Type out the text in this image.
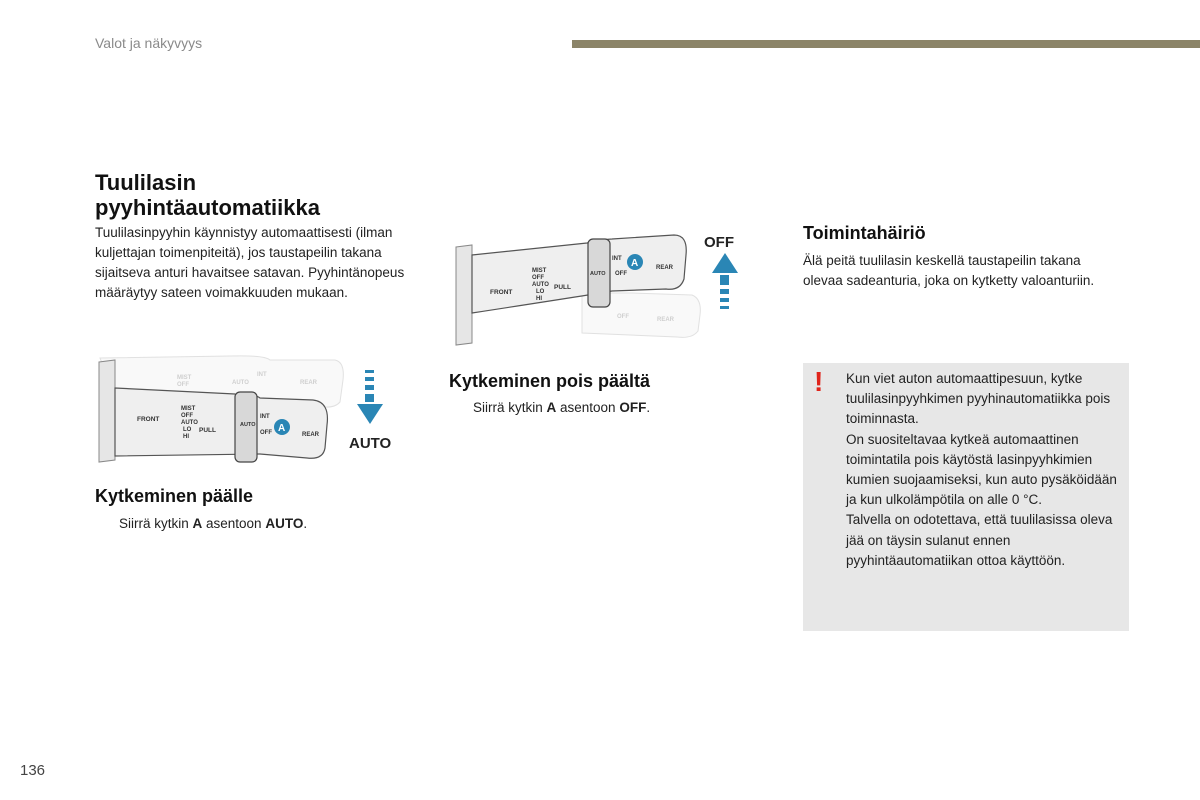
Valot ja näkyvyys
Tuulilasin pyyhintäautomatiikka
Tuulilasinpyyhin käynnistyy automaattisesti (ilman kuljettajan toimenpiteitä), jos taustapeilin takana sijaitseva anturi havaitsee satavan. Pyyhintänopeus määräytyy sateen voimakkuuden mukaan.
MIST
OFF
INT
AUTO	REAR
FRONT
MIST
OFF
AUTO
LO
HI
PULL
AUTO
INT
OFF	REAR
A
AUTO
OFF	REAR
FRONT
MIST
OFF
AUTO
LO
HI
PULL
AUTO
INT
OFF
REAR
A
OFF
Kytkeminen päälle
Siirrä kytkin A asentoon AUTO.
Kytkeminen pois päältä
Siirrä kytkin A asentoon OFF.
Toimintahäiriö
Älä peitä tuulilasin keskellä taustapeilin takana olevaa sadeanturia, joka on kytketty valoanturiin.
! Kun viet auton automaattipesuun, kytke tuulilasinpyyhkimen pyyhinautomatiikka pois toiminnasta.

On suositeltavaa kytkeä automaattinen toimintatila pois käytöstä lasinpyyhkimien kumien suojaamiseksi, kun auto pysäköidään ja kun ulkolämpötila on alle 0 °C.

Talvella on odotettava, että tuulilasissa oleva jää on täysin sulanut ennen pyyhintäautomatiikan ottoa käyttöön.

136
